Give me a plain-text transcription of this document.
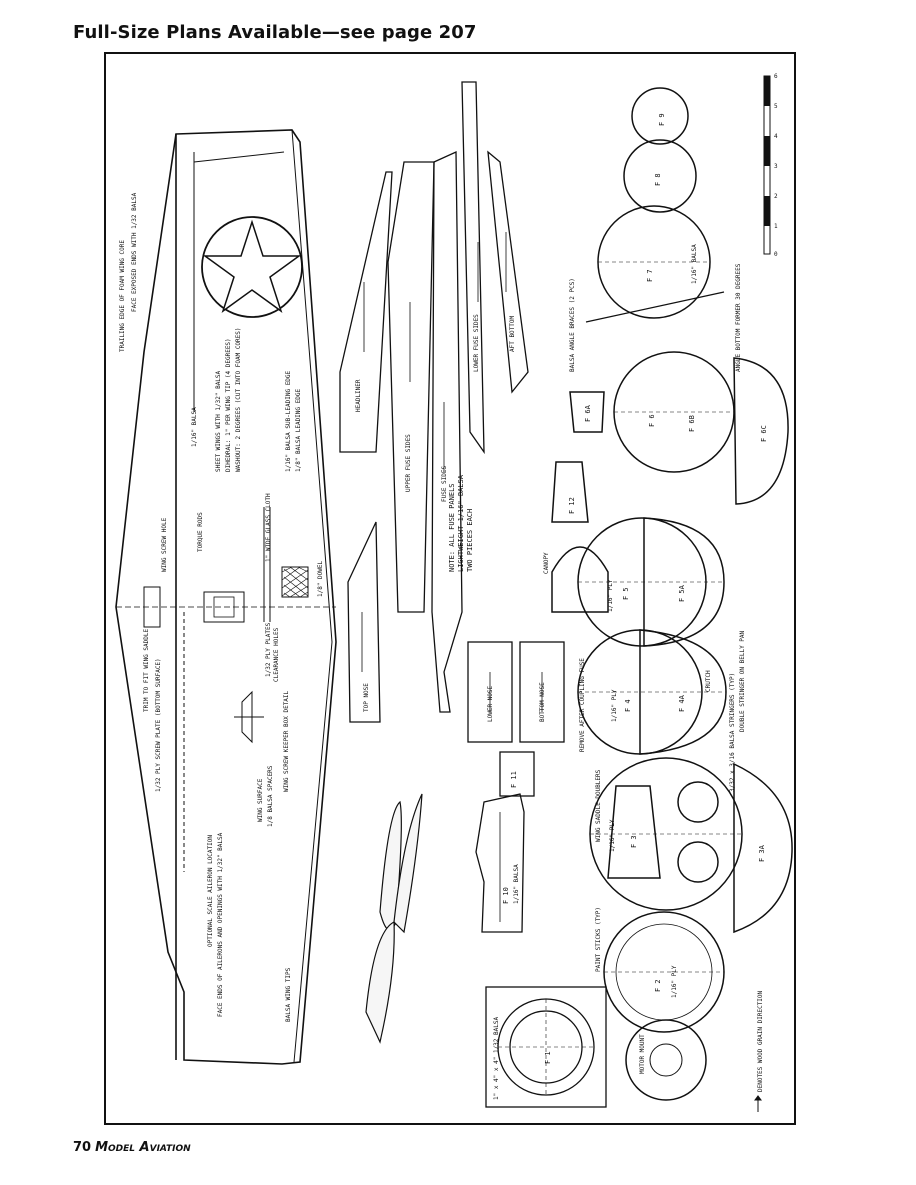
Full-Size Plans Available—see page 207
TRAILING EDGE OF FOAM WING CORE FACE EXPOSED ENDS WITH 1/32 BALSA
1/16" BALSA	SHEET WINGS WITH 1/32" BALSA DIHEDRAL: 1" PER WING TIP (4 DEGREES) WASHOUT: 2 DEGREES (CUT INTO FOAM CORES)	1/16" BALSA SUB-LEADING EDGE 1/8" BALSA LEADING EDGE
WING SCREW HOLE	TORQUE RODS	1" WIDE GLASS CLOTH
1/8" DOWEL
TRIM TO FIT WING SADDLE 1/32 PLY SCREW PLATE (BOTTOM SURFACE)
1/32 PLY PLATES CLEARANCE HOLES
WING SCREW KEEPER BOX DETAIL
WING SURFACE 1/8 BALSA SPACERS
OPTIONAL SCALE AILERON LOCATION FACE ENDS OF AILERONS AND OPENINGS WITH 1/32" BALSA	BALSA WING TIPS
HEADLINER
UPPER FUSE SIDES	FUSE SIDES
LOWER FUSE SIDES	AFT BOTTOM
TOP NOSE	LOWER NOSE	BOTTOM NOSE
NOTE: ALL FUSE PANELS LIGHTWEIGHT 1/16" BALSA TWO PIECES EACH
F 10 1/16" BALSA
F 11
F 1
1" x 4" x 4" 1/32 BALSA
F 9
F 8
F 7	1/16" BALSA
F 6	F 6B
F 6C
F 6A
F 12
F 5
1/16" PLY	F 5A
F 4
1/16" PLY	F 4A
F 3
1/16" PLY
F 3A
F 2 1/16" PLY
CANOPY
CRUTCH
REMOVE AFTER COUPLING FUSE	3/32 x 3/16 BALSA STRINGERS (TYP) DOUBLE STRINGER ON BELLY PAN
BALSA ANGLE BRACES (2 PCS)	ANGLE BOTTOM FORMER 30 DEGREES
WING SADDLE DOUBLERS
PAINT STICKS (TYP)
MOTOR MOUNT	DENOTES WOOD GRAIN DIRECTION
6
5
4
3
2
1
0
70 Model Aviation
